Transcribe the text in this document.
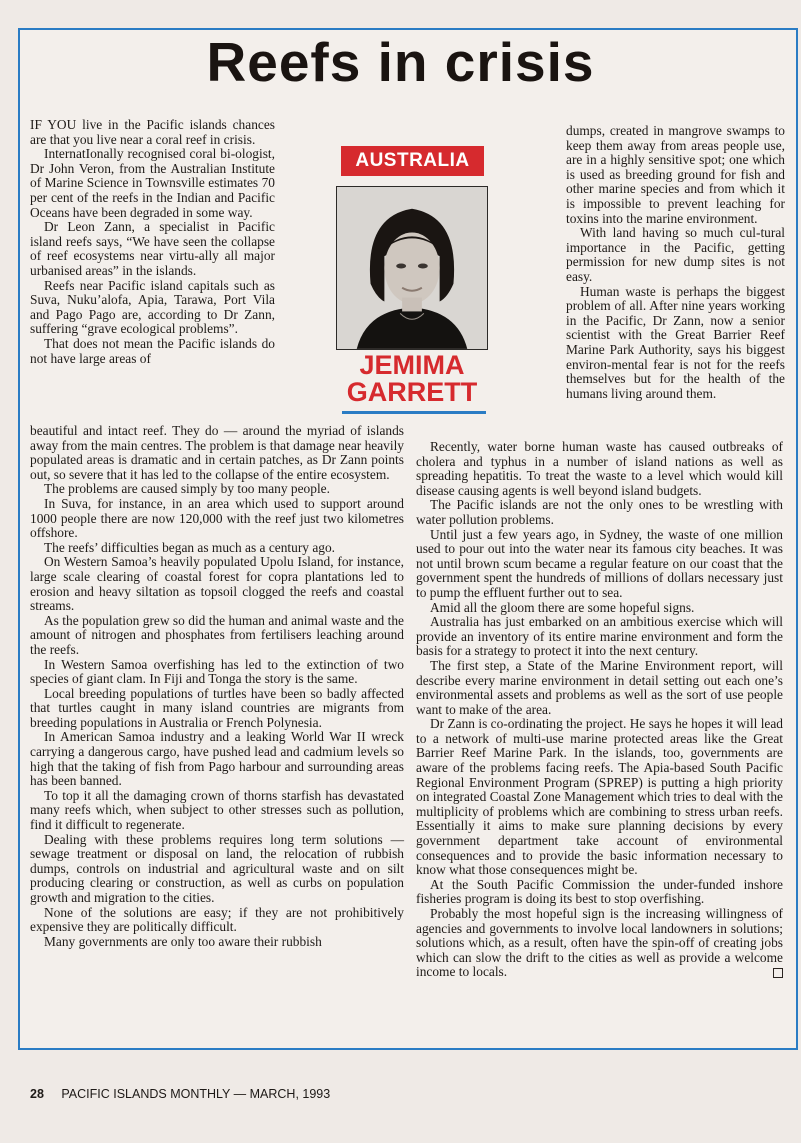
Reefs in crisis

IF YOU live in the Pacific islands chances are that you live near a coral reef in crisis.

InternatIonally recognised coral bi-ologist, Dr John Veron, from the Australian Institute of Marine Science in Townsville estimates 70 per cent of the reefs in the Indian and Pacific Oceans have been degraded in some way.

Dr Leon Zann, a specialist in Pacific island reefs says, “We have seen the collapse of reef ecosystems near virtu-ally all major urbanised areas” in the islands.

Reefs near Pacific island capitals such as Suva, Nuku’alofa, Apia, Tarawa, Port Vila and Pago Pago are, according to Dr Zann, suffering “grave ecological problems”.

That does not mean the Pacific islands do not have large areas of

AUSTRALIA
JEMIMA
GARRETT

dumps, created in mangrove swamps to keep them away from areas people use, are in a highly sensitive spot; one which is used as breeding ground for fish and other marine species and from which it is impossible to prevent leaching for toxins into the marine environment.

With land having so much cul-tural importance in the Pacific, getting permission for new dump sites is not easy.

Human waste is perhaps the biggest problem of all. After nine years working in the Pacific, Dr Zann, now a senior scientist with the Great Barrier Reef Marine Park Authority, says his biggest environ-mental fear is not for the reefs themselves but for the health of the humans living around them.

beautiful and intact reef. They do — around the myriad of islands away from the main centres. The problem is that damage near heavily populated areas is dramatic and in certain patches, as Dr Zann points out, so severe that it has led to the collapse of the entire ecosystem.

The problems are caused simply by too many people.

In Suva, for instance, in an area which used to support around 1000 people there are now 120,000 with the reef just two kilometres offshore.

The reefs’ difficulties began as much as a century ago.

On Western Samoa’s heavily populated Upolu Island, for instance, large scale clearing of coastal forest for copra plantations led to erosion and heavy siltation as topsoil clogged the reefs and coastal streams.

As the population grew so did the human and animal waste and the amount of nitrogen and phosphates from fertilisers leaching around the reefs.

In Western Samoa overfishing has led to the extinction of two species of giant clam. In Fiji and Tonga the story is the same.

Local breeding populations of turtles have been so badly affected that turtles caught in many island countries are migrants from breeding populations in Australia or French Polynesia.

In American Samoa industry and a leaking World War II wreck carrying a dangerous cargo, have pushed lead and cadmium levels so high that the taking of fish from Pago harbour and surrounding areas has been banned.

To top it all the damaging crown of thorns starfish has devastated many reefs which, when subject to other stresses such as pollution, find it difficult to regenerate.

Dealing with these problems requires long term solutions — sewage treatment or disposal on land, the relocation of rubbish dumps, controls on industrial and agricultural waste and on silt producing clearing or construction, as well as curbs on population growth and migration to the cities.

None of the solutions are easy; if they are not prohibitively expensive they are politically difficult.

Many governments are only too aware their rubbish

Recently, water borne human waste has caused outbreaks of cholera and typhus in a number of island nations as well as spreading hepatitis. To treat the waste to a level which would kill disease causing agents is well beyond island budgets.

The Pacific islands are not the only ones to be wrestling with water pollution problems.

Until just a few years ago, in Sydney, the waste of one million used to pour out into the water near its famous city beaches. It was not until brown scum became a regular feature on our coast that the government spent the hundreds of millions of dollars necessary just to pump the effluent further out to sea.

Amid all the gloom there are some hopeful signs.

Australia has just embarked on an ambitious exercise which will provide an inventory of its entire marine environment and form the basis for a strategy to protect it into the next century.

The first step, a State of the Marine Environment report, will describe every marine environment in detail setting out each one’s environmental assets and problems as well as the sort of use people want to make of the area.

Dr Zann is co-ordinating the project. He says he hopes it will lead to a network of multi-use marine protected areas like the Great Barrier Reef Marine Park. In the islands, too, governments are aware of the problems facing reefs. The Apia-based South Pacific Regional Environment Program (SPREP) is putting a high priority on integrated Coastal Zone Management which tries to deal with the multiplicity of problems which are combining to stress urban reefs. Essentially it aims to make sure planning decisions by every government department take account of environmental consequences and to provide the basic information necessary to know what those consequences might be.

At the South Pacific Commission the under-funded inshore fisheries program is doing its best to stop overfishing.

Probably the most hopeful sign is the increasing willingness of agencies and governments to involve local landowners in solutions; solutions which, as a result, often have the spin-off of creating jobs which can slow the drift to the cities as well as provide a welcome income to locals.

28 PACIFIC ISLANDS MONTHLY — MARCH, 1993
